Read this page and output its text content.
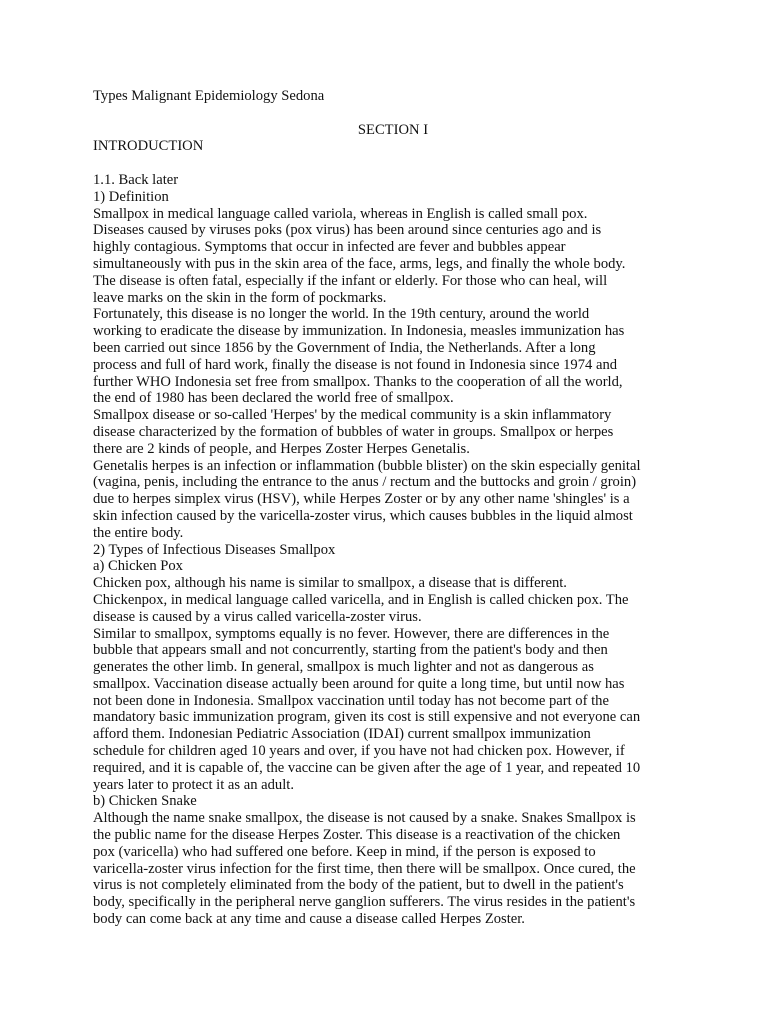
Types Malignant Epidemiology Sedona

SECTION I

INTRODUCTION

1.1. Back later

1) Definition

Smallpox in medical language called variola, whereas in English is called small pox.

Diseases caused by viruses poks (pox virus) has been around since centuries ago and is

highly contagious. Symptoms that occur in infected are fever and bubbles appear

simultaneously with pus in the skin area of the face, arms, legs, and finally the whole body.

The disease is often fatal, especially if the infant or elderly. For those who can heal, will

leave marks on the skin in the form of pockmarks.

Fortunately, this disease is no longer the world. In the 19th century, around the world

working to eradicate the disease by immunization. In Indonesia, measles immunization has

been carried out since 1856 by the Government of India, the Netherlands. After a long

process and full of hard work, finally the disease is not found in Indonesia since 1974 and

further WHO Indonesia set free from smallpox. Thanks to the cooperation of all the world,

the end of 1980 has been declared the world free of smallpox.

Smallpox disease or so-called 'Herpes' by the medical community is a skin inflammatory

disease characterized by the formation of bubbles of water in groups. Smallpox or herpes

there are 2 kinds of people, and Herpes Zoster Herpes Genetalis.

Genetalis herpes is an infection or inflammation (bubble blister) on the skin especially genital

(vagina, penis, including the entrance to the anus / rectum and the buttocks and groin / groin)

due to herpes simplex virus (HSV), while Herpes Zoster or by any other name 'shingles' is a

skin infection caused by the varicella-zoster virus, which causes bubbles in the liquid almost

the entire body.

2) Types of Infectious Diseases Smallpox

a) Chicken Pox

Chicken pox, although his name is similar to smallpox, a disease that is different.

Chickenpox, in medical language called varicella, and in English is called chicken pox. The

disease is caused by a virus called varicella-zoster virus.

Similar to smallpox, symptoms equally is no fever. However, there are differences in the

bubble that appears small and not concurrently, starting from the patient's body and then

generates the other limb. In general, smallpox is much lighter and not as dangerous as

smallpox. Vaccination disease actually been around for quite a long time, but until now has

not been done in Indonesia. Smallpox vaccination until today has not become part of the

mandatory basic immunization program, given its cost is still expensive and not everyone can

afford them. Indonesian Pediatric Association (IDAI) current smallpox immunization

schedule for children aged 10 years and over, if you have not had chicken pox. However, if

required, and it is capable of, the vaccine can be given after the age of 1 year, and repeated 10

years later to protect it as an adult.

b) Chicken Snake

Although the name snake smallpox, the disease is not caused by a snake. Snakes Smallpox is

the public name for the disease Herpes Zoster. This disease is a reactivation of the chicken

pox (varicella) who had suffered one before. Keep in mind, if the person is exposed to

varicella-zoster virus infection for the first time, then there will be smallpox. Once cured, the

virus is not completely eliminated from the body of the patient, but to dwell in the patient's

body, specifically in the peripheral nerve ganglion sufferers. The virus resides in the patient's

body can come back at any time and cause a disease called Herpes Zoster.
